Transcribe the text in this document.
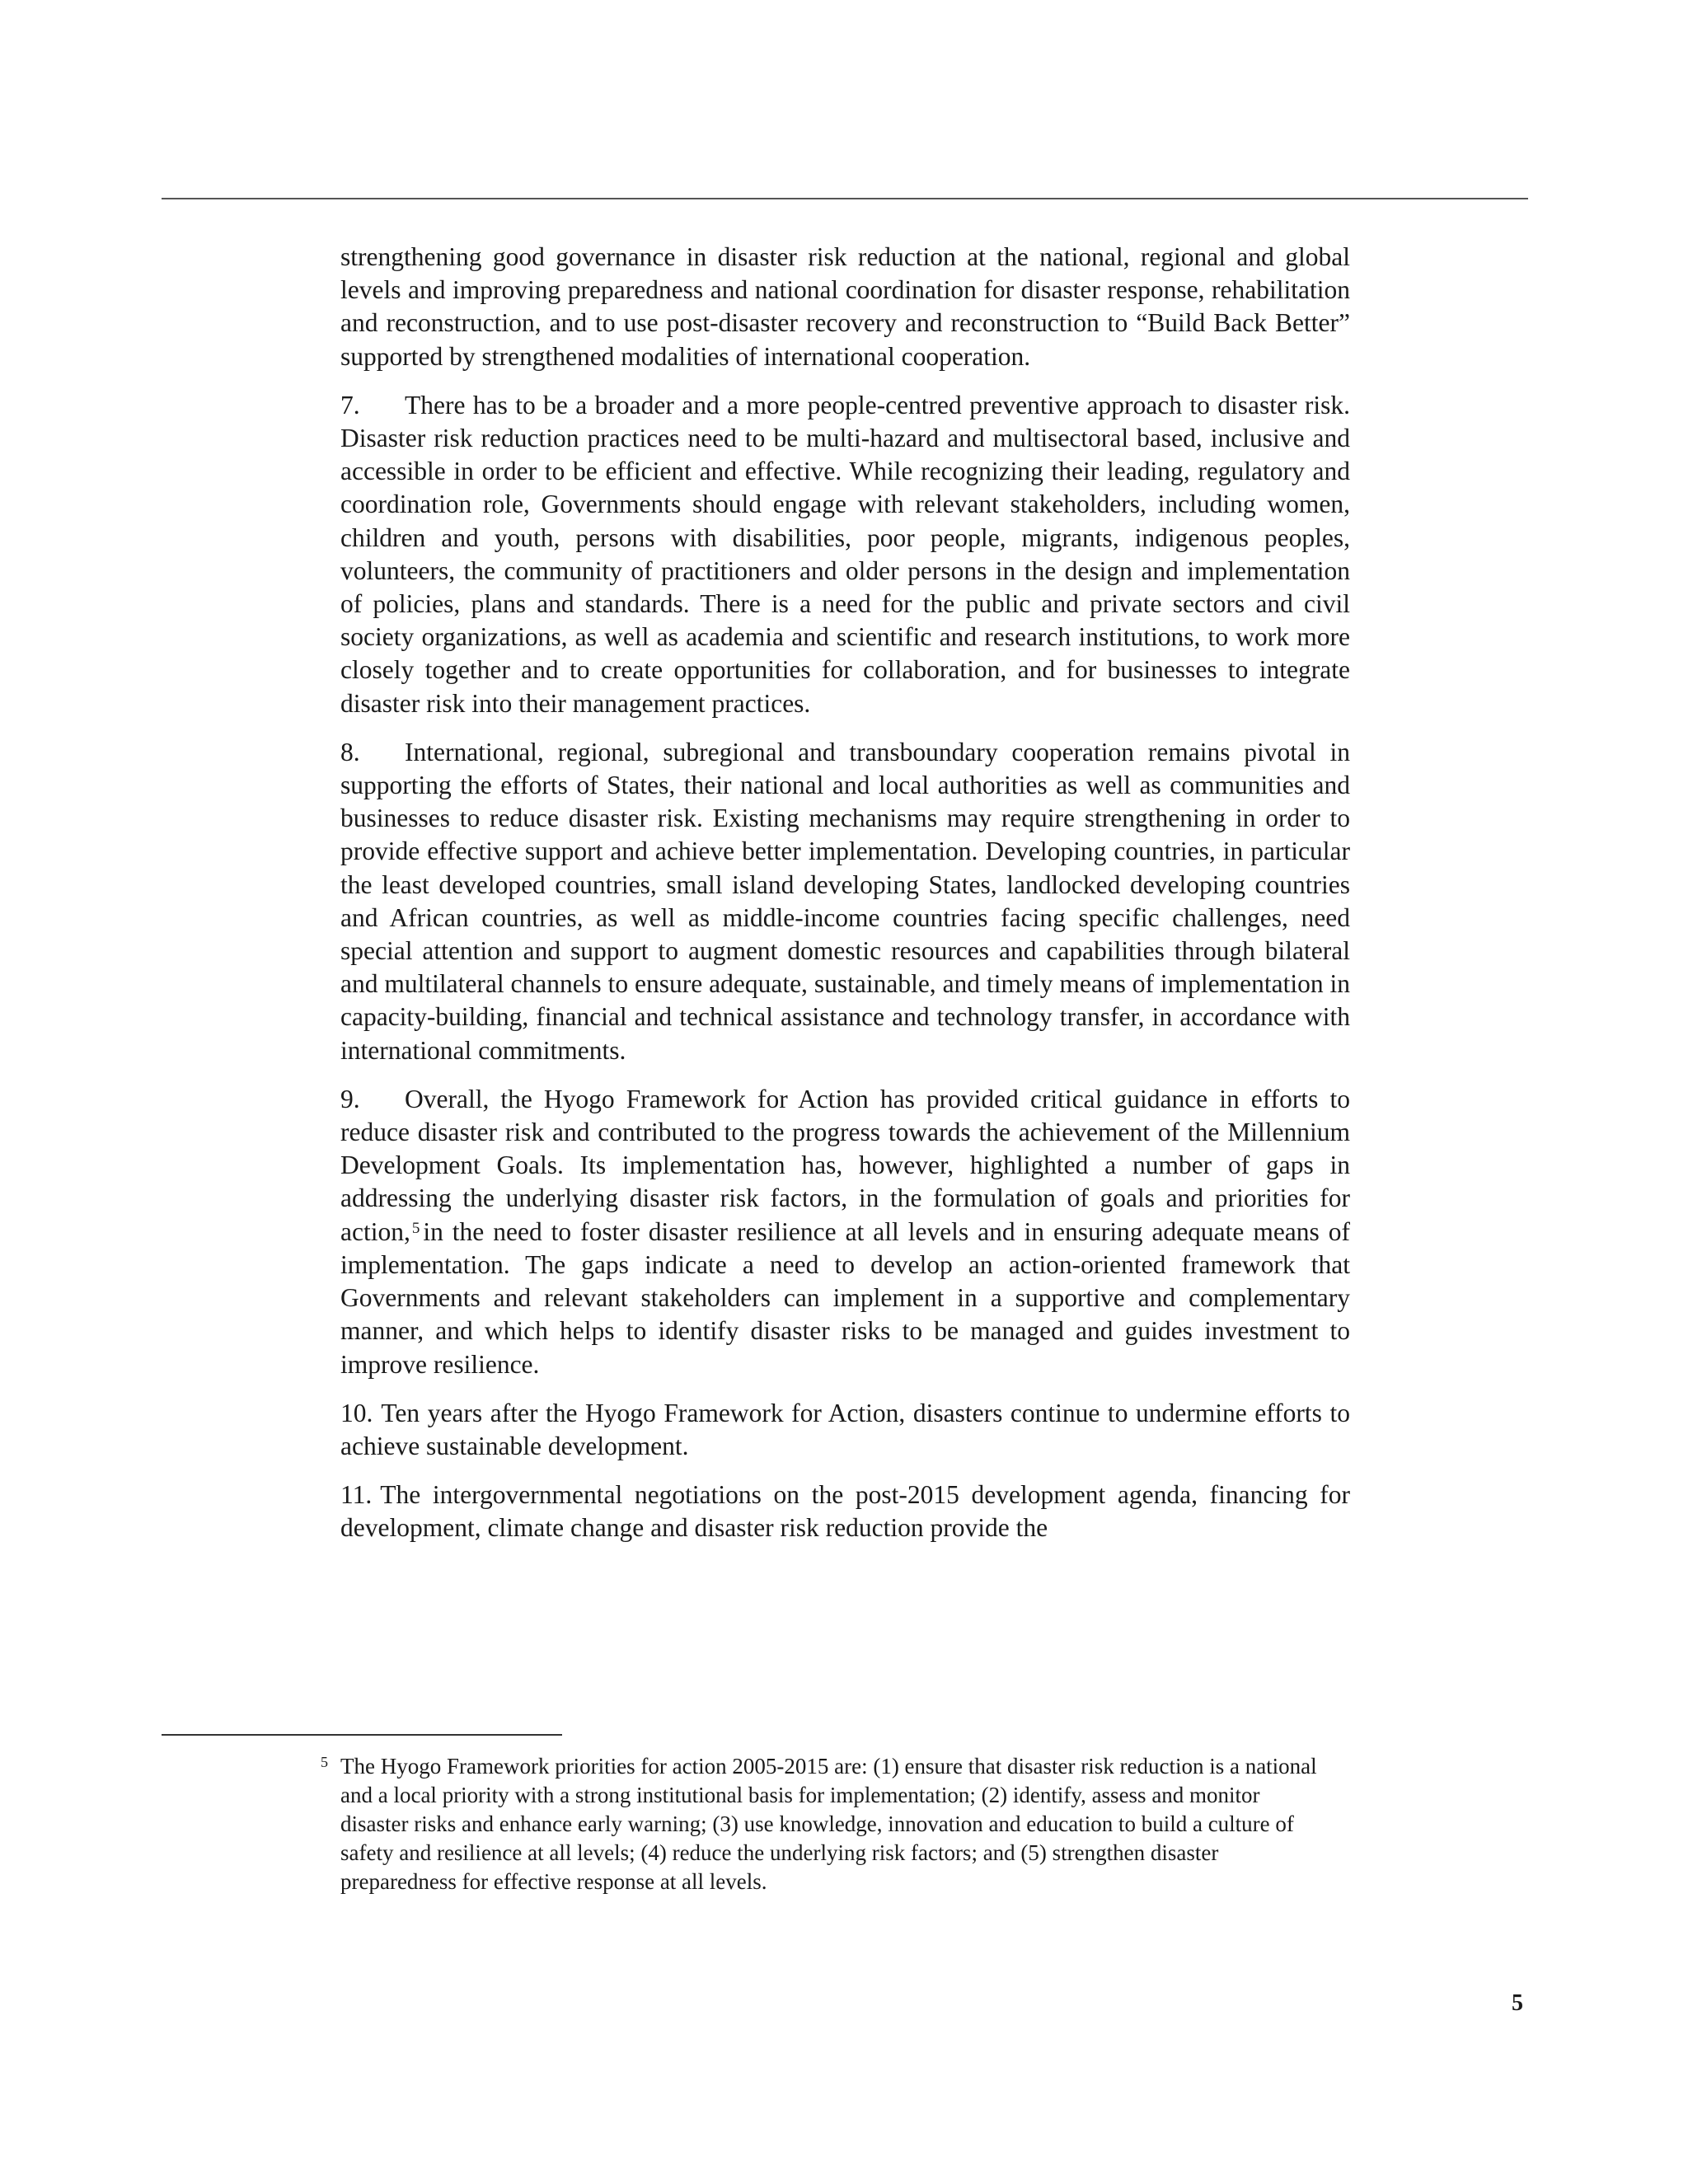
strengthening good governance in disaster risk reduction at the national, regional and global levels and improving preparedness and national coordination for disaster response, rehabilitation and reconstruction, and to use post-disaster recovery and reconstruction to “Build Back Better” supported by strengthened modalities of international cooperation.

7. There has to be a broader and a more people-centred preventive approach to disaster risk. Disaster risk reduction practices need to be multi-hazard and multisectoral based, inclusive and accessible in order to be efficient and effective. While recognizing their leading, regulatory and coordination role, Governments should engage with relevant stakeholders, including women, children and youth, persons with disabilities, poor people, migrants, indigenous peoples, volunteers, the community of practitioners and older persons in the design and implementation of policies, plans and standards. There is a need for the public and private sectors and civil society organizations, as well as academia and scientific and research institutions, to work more closely together and to create opportunities for collaboration, and for businesses to integrate disaster risk into their management practices.

8. International, regional, subregional and transboundary cooperation remains pivotal in supporting the efforts of States, their national and local authorities as well as communities and businesses to reduce disaster risk. Existing mechanisms may require strengthening in order to provide effective support and achieve better implementation. Developing countries, in particular the least developed countries, small island developing States, landlocked developing countries and African countries, as well as middle-income countries facing specific challenges, need special attention and support to augment domestic resources and capabilities through bilateral and multilateral channels to ensure adequate, sustainable, and timely means of implementation in capacity-building, financial and technical assistance and technology transfer, in accordance with international commitments.

9. Overall, the Hyogo Framework for Action has provided critical guidance in efforts to reduce disaster risk and contributed to the progress towards the achievement of the Millennium Development Goals. Its implementation has, however, highlighted a number of gaps in addressing the underlying disaster risk factors, in the formulation of goals and priorities for action, $^5$ in the need to foster disaster resilience at all levels and in ensuring adequate means of implementation. The gaps indicate a need to develop an action-oriented framework that Governments and relevant stakeholders can implement in a supportive and complementary manner, and which helps to identify disaster risks to be managed and guides investment to improve resilience.

10. Ten years after the Hyogo Framework for Action, disasters continue to undermine efforts to achieve sustainable development.

11. The intergovernmental negotiations on the post-2015 development agenda, financing for development, climate change and disaster risk reduction provide the

5 The Hyogo Framework priorities for action 2005-2015 are: (1) ensure that disaster risk reduction is a national and a local priority with a strong institutional basis for implementation; (2) identify, assess and monitor disaster risks and enhance early warning; (3) use knowledge, innovation and education to build a culture of safety and resilience at all levels; (4) reduce the underlying risk factors; and (5) strengthen disaster preparedness for effective response at all levels.
5
